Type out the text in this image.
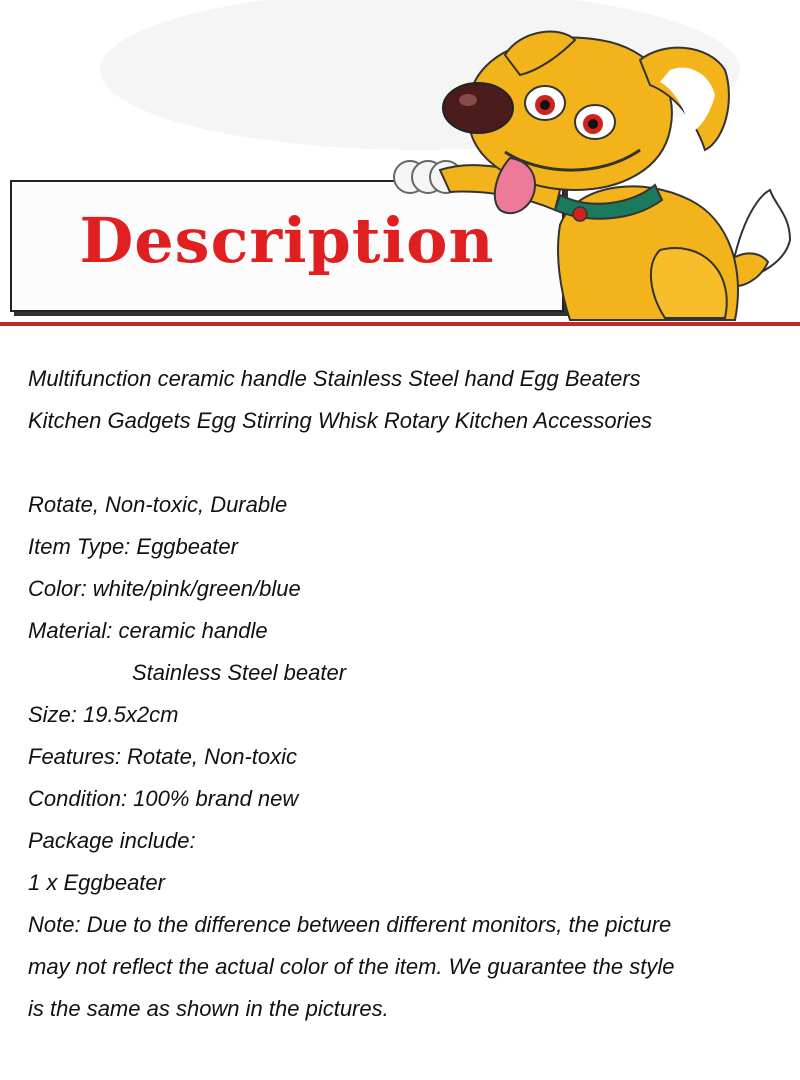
Description
Multifunction ceramic handle Stainless Steel hand Egg Beaters
Kitchen Gadgets Egg Stirring Whisk Rotary Kitchen Accessories
Rotate, Non-toxic, Durable
Item Type: Eggbeater
Color: white/pink/green/blue
Material: ceramic handle
Stainless Steel beater
Size: 19.5x2cm
Features: Rotate, Non-toxic
Condition: 100% brand new
Package include:
1 x Eggbeater
Note: Due to the difference between different monitors, the picture
may not reflect the actual color of the item. We guarantee the style
is the same as shown in the pictures.
